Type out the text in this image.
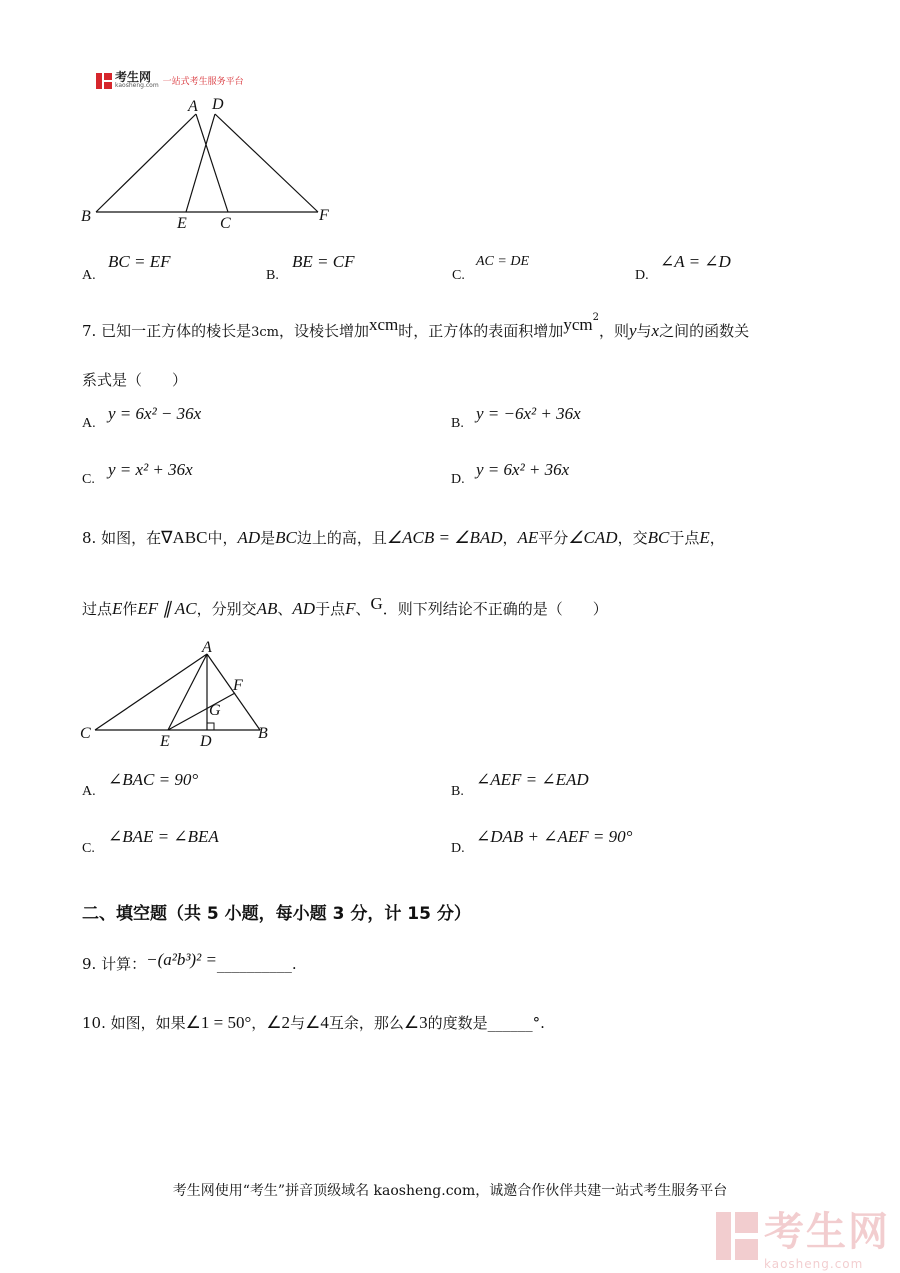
考生网
kaosheng.com 一站式考生服务平台
A D
B	E C	F
A.
BC = EF
B.
BE = CF
C.
AC = DE
D.
∠A = ∠D
7. 已知一正方体的棱长是3cm，设棱长增加xcm时，正方体的表面积增加ycm$^2$，则y与x之间的函数关
系式是（　　）
A.
y = 6x² − 36x
B.
y = −6x² + 36x
C.
y = x² + 36x
D.
y = 6x² + 36x
8. 如图，在∇ABC中，AD是BC边上的高，且∠ACB = ∠BAD，AE平分∠CAD，交BC于点E，
过点E作EF ∥ AC，分别交AB、AD于点F、G．则下列结论不正确的是（　　）
A
F
G
C	E D	B
A.
∠BAC = 90°
B.
∠AEF = ∠EAD
C.
∠BAE = ∠BEA
D.
∠DAB + ∠AEF = 90°
二、填空题（共 5 小题，每小题 3 分，计 15 分）
9. 计算：−(a²b³)² =__________.
10. 如图，如果∠1 = 50°，∠2与∠4互余，那么∠3的度数是______°.
考生网使用“考生”拼音顶级域名 kaosheng.com，诚邀合作伙伴共建一站式考生服务平台
考生网
kaosheng.com
